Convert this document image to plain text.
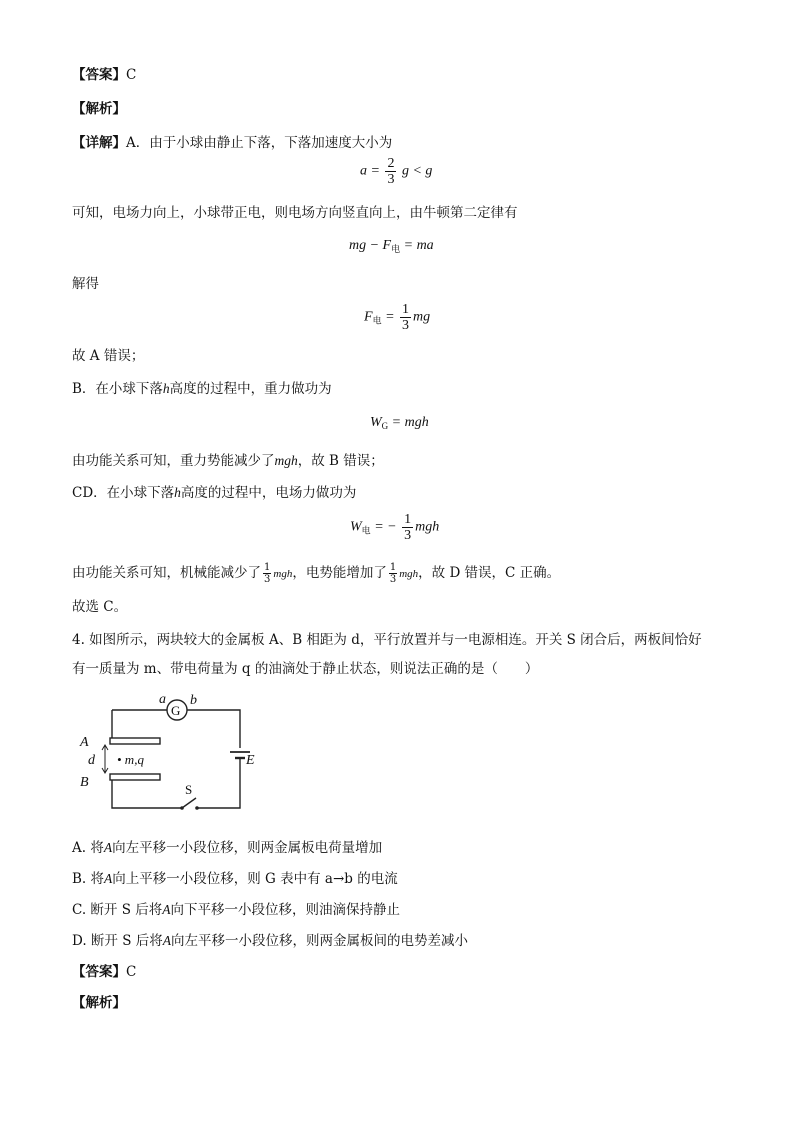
【答案】C
【解析】
【详解】A．由于小球由静止下落，下落加速度大小为
$a = \frac{2}{3}$ g < g
可知，电场力向上，小球带正电，则电场方向竖直向上，由牛顿第二定律有
mg − $F_电$ = ma
解得
$F_电 = \frac{1}{3}$ mg
故 A 错误；
B．在小球下落h高度的过程中，重力做功为
$W_G$ = mgh
由功能关系可知，重力势能减少了mgh，故 B 错误；
CD．在小球下落h高度的过程中，电场力做功为
$W_电$ = − $\frac{1}{3}$ mgh
由功能关系可知，机械能减少了 $\frac{1}{3}$ mgh，电势能增加了 $\frac{1}{3}$ mgh，故 D 错误，C 正确。
故选 C。
4. 如图所示，两块较大的金属板 A、B 相距为 d，平行放置并与一电源相连。开关 S 闭合后，两板间恰好
有一质量为 m、带电荷量为 q 的油滴处于静止状态，则说法正确的是（　　）
a b
G
A
B
d • m,q	E
S
A. 将A向左平移一小段位移，则两金属板电荷量增加
B. 将A向上平移一小段位移，则 G 表中有 a→b 的电流
C. 断开 S 后将A向下平移一小段位移，则油滴保持静止
D. 断开 S 后将A向左平移一小段位移，则两金属板间的电势差减小
【答案】C
【解析】
